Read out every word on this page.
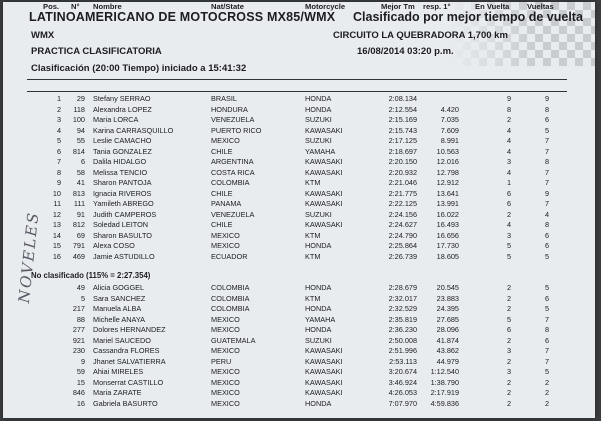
LATINOAMERICANO DE MOTOCROSS MX85/WMX Clasificado por mejor tiempo de vuelta
WMX	CIRCUITO LA QUEBRADORA 1,700 km
PRACTICA CLASIFICATORIA	16/08/2014 03:20 p.m.
Clasificación (20:00 Tiempo) iniciado a 15:41:32
Pos. N° Nombre	Nat/State	Motorcycle	Mejor Tm resp. 1°	En Vuelta Vueltas
1	29 Stefany SERRAO	BRASIL	HONDA	2:08.134	9	9
2	118 Alexandra LOPEZ	HONDURA	HONDA	2:12.554	4.420	8	8
3	100 Maria LORCA	VENEZUELA	SUZUKI	2:15.169	7.035	2	6
4	94 Karina CARRASQUILLO	PUERTO RICO	KAWASAKI	2:15.743	7.609	4	5
5	55 Leslie CAMACHO	MEXICO	SUZUKI	2:17.125	8.991	4	7
6	814 Tania GONZALEZ	CHILE	YAMAHA	2:18.697	10.563	4	7
7	6 Dalila HIDALGO	ARGENTINA	KAWASAKI	2:20.150	12.016	3	8
8	58 Melissa TENCIO	COSTA RICA	KAWASAKI	2:20.932	12.798	4	7
9	41 Sharon PANTOJA	COLOMBIA	KTM	2:21.046	12.912	1	7
10	813 Ignacia RIVEROS	CHILE	KAWASAKI	2:21.775	13.641	6	9
11	111 Yamileth ABREGO	PANAMA	KAWASAKI	2:22.125	13.991	6	7
12	91 Judith CAMPEROS	VENEZUELA	SUZUKI	2:24.156	16.022	2	4
13	812 Soledad LEITON	CHILE	KAWASAKI	2:24.627	16.493	4	8
14	69 Sharon BASULTO	MEXICO	KTM	2:24.790	16.656	3	6
15	791 Alexa COSO	MEXICO	HONDA	2:25.864	17.730	5	6
16	469 Jamie ASTUDILLO	ECUADOR	KTM	2:26.739	18.605	5	5
No clasificado (115% = 2:27.354)
49 Alicia GOGGEL	COLOMBIA	HONDA	2:28.679	20.545	2	5
5 Sara SANCHEZ	COLOMBIA	KTM	2:32.017	23.883	2	6
217 Manuela ALBA	COLOMBIA	HONDA	2:32.529	24.395	2	5
88 Michelle ANAYA	MEXICO	YAMAHA	2:35.819	27.685	5	7
277 Dolores HERNANDEZ	MEXICO	HONDA	2:36.230	28.096	6	8
921 Mariel SAUCEDO	GUATEMALA	SUZUKI	2:50.008	41.874	2	6
230 Cassandra FLORES	MEXICO	KAWASAKI	2:51.996	43.862	3	7
9 Jhanet SALVATIERRA	PERU	KAWASAKI	2:53.113	44.979	2	7
59 Ahiai MIRELES	MEXICO	KAWASAKI	3:20.674	1:12.540	3	5
15 Monserrat CASTILLO	MEXICO	KAWASAKI	3:46.924	1:38.790	2	2
846 Maria ZARATE	MEXICO	KAWASAKI	4:26.053	2:17.919	2	2
16 Gabriela BASURTO	MEXICO	HONDA	7:07.970	4:59.836	2	2
NOVELES
